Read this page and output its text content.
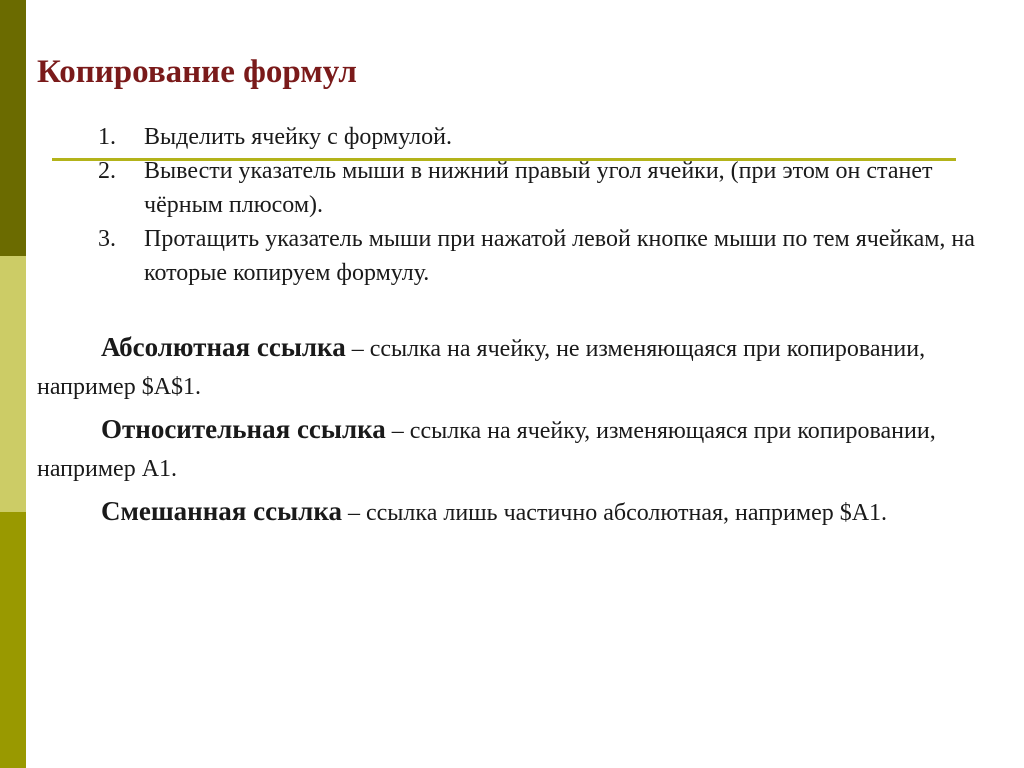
Копирование формул
1. Выделить ячейку с формулой.
2. Вывести указатель мыши в нижний правый угол ячейки, (при этом он станет чёрным плюсом).
3. Протащить указатель мыши при нажатой левой кнопке мыши по тем ячейкам, на которые копируем формулу.

Абсолютная ссылка – ссылка на ячейку, не изменяющаяся при копировании, например $A$1.

Относительная ссылка – ссылка на ячейку, изменяющаяся при копировании, например A1.

Смешанная ссылка – ссылка лишь частично абсолютная, например $A1.
